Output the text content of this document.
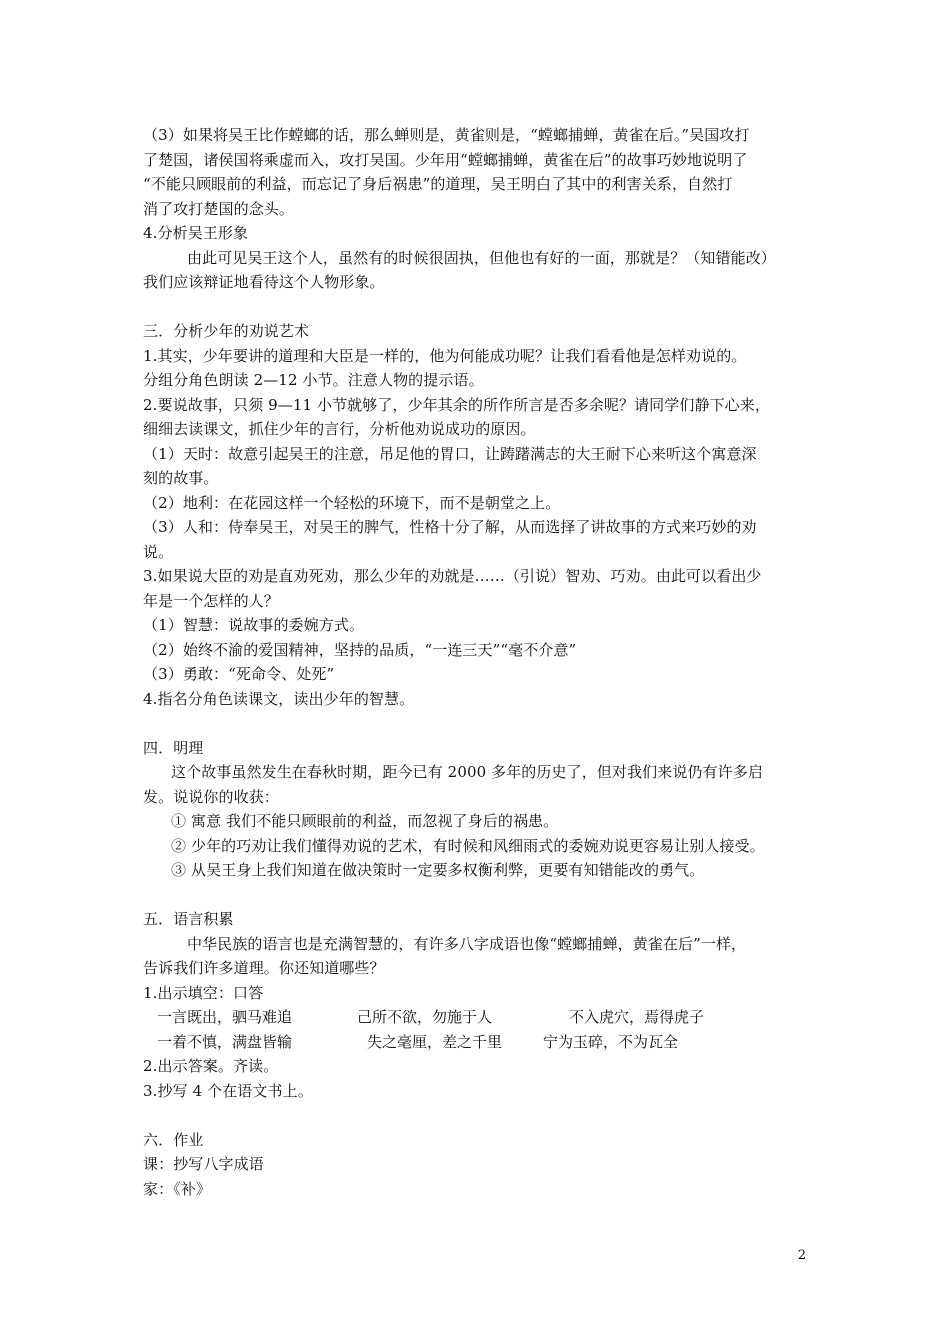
（3）如果将吴王比作螳螂的话，那么蝉则是，黄雀则是，“螳螂捕蝉，黄雀在后。”吴国攻打
了楚国，诸侯国将乘虚而入，攻打吴国。少年用“螳螂捕蝉，黄雀在后”的故事巧妙地说明了
“不能只顾眼前的利益，而忘记了身后祸患”的道理，吴王明白了其中的利害关系，自然打
消了攻打楚国的念头。
4.分析吴王形象
由此可见吴王这个人，虽然有的时候很固执，但他也有好的一面，那就是？（知错能改）
我们应该辩证地看待这个人物形象。
三．分析少年的劝说艺术
1.其实，少年要讲的道理和大臣是一样的，他为何能成功呢？让我们看看他是怎样劝说的。
分组分角色朗读 2—12 小节。注意人物的提示语。
2.要说故事，只须 9—11 小节就够了，少年其余的所作所言是否多余呢？请同学们静下心来，
细细去读课文，抓住少年的言行，分析他劝说成功的原因。
（1）天时：故意引起吴王的注意，吊足他的胃口，让踌躇满志的大王耐下心来听这个寓意深
刻的故事。
（2）地利：在花园这样一个轻松的环境下，而不是朝堂之上。
（3）人和：侍奉吴王，对吴王的脾气，性格十分了解，从而选择了讲故事的方式来巧妙的劝
说。
3.如果说大臣的劝是直劝死劝，那么少年的劝就是……（引说）智劝、巧劝。由此可以看出少
年是一个怎样的人？
（1）智慧：说故事的委婉方式。
（2）始终不渝的爱国精神，坚持的品质，“一连三天”“毫不介意”
（3）勇敢：“死命令、处死”
4.指名分角色读课文，读出少年的智慧。
四．明理
这个故事虽然发生在春秋时期，距今已有 2000 多年的历史了，但对我们来说仍有许多启
发。说说你的收获：
① 寓意 我们不能只顾眼前的利益，而忽视了身后的祸患。
② 少年的巧劝让我们懂得劝说的艺术，有时候和风细雨式的委婉劝说更容易让别人接受。
③ 从吴王身上我们知道在做决策时一定要多权衡利弊，更要有知错能改的勇气。
五．语言积累
中华民族的语言也是充满智慧的，有许多八字成语也像“螳螂捕蝉，黄雀在后”一样，
告诉我们许多道理。你还知道哪些？
1.出示填空：口答
一言既出，驷马难追	己所不欲，勿施于人	不入虎穴，焉得虎子
一着不慎，满盘皆输	失之毫厘，差之千里	宁为玉碎，不为瓦全
2.出示答案。齐读。
3.抄写 4 个在语文书上。
六．作业
课：抄写八字成语
家：《补》
2
